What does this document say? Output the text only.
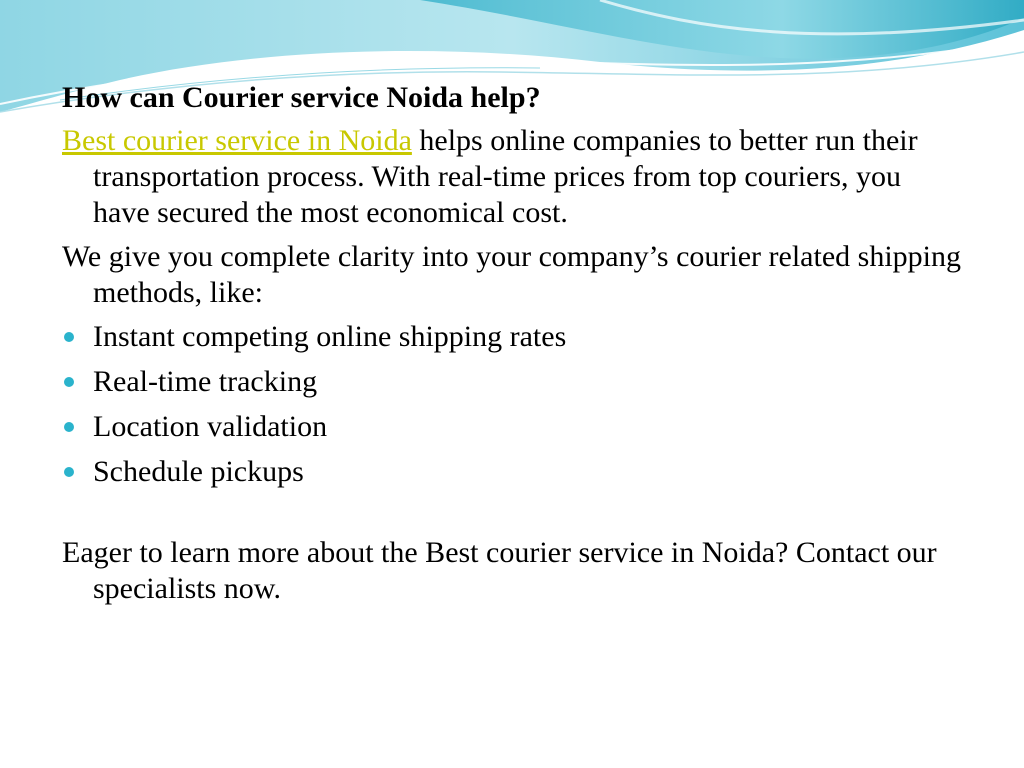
How can Courier service Noida help?
Best courier service in Noida helps online companies to better run their transportation process. With real-time prices from top couriers, you have secured the most economical cost.
We give you complete clarity into your company’s courier related shipping methods, like:
Instant competing online shipping rates
Real-time tracking
Location validation
Schedule pickups
Eager to learn more about the Best courier service in Noida? Contact our specialists now.
